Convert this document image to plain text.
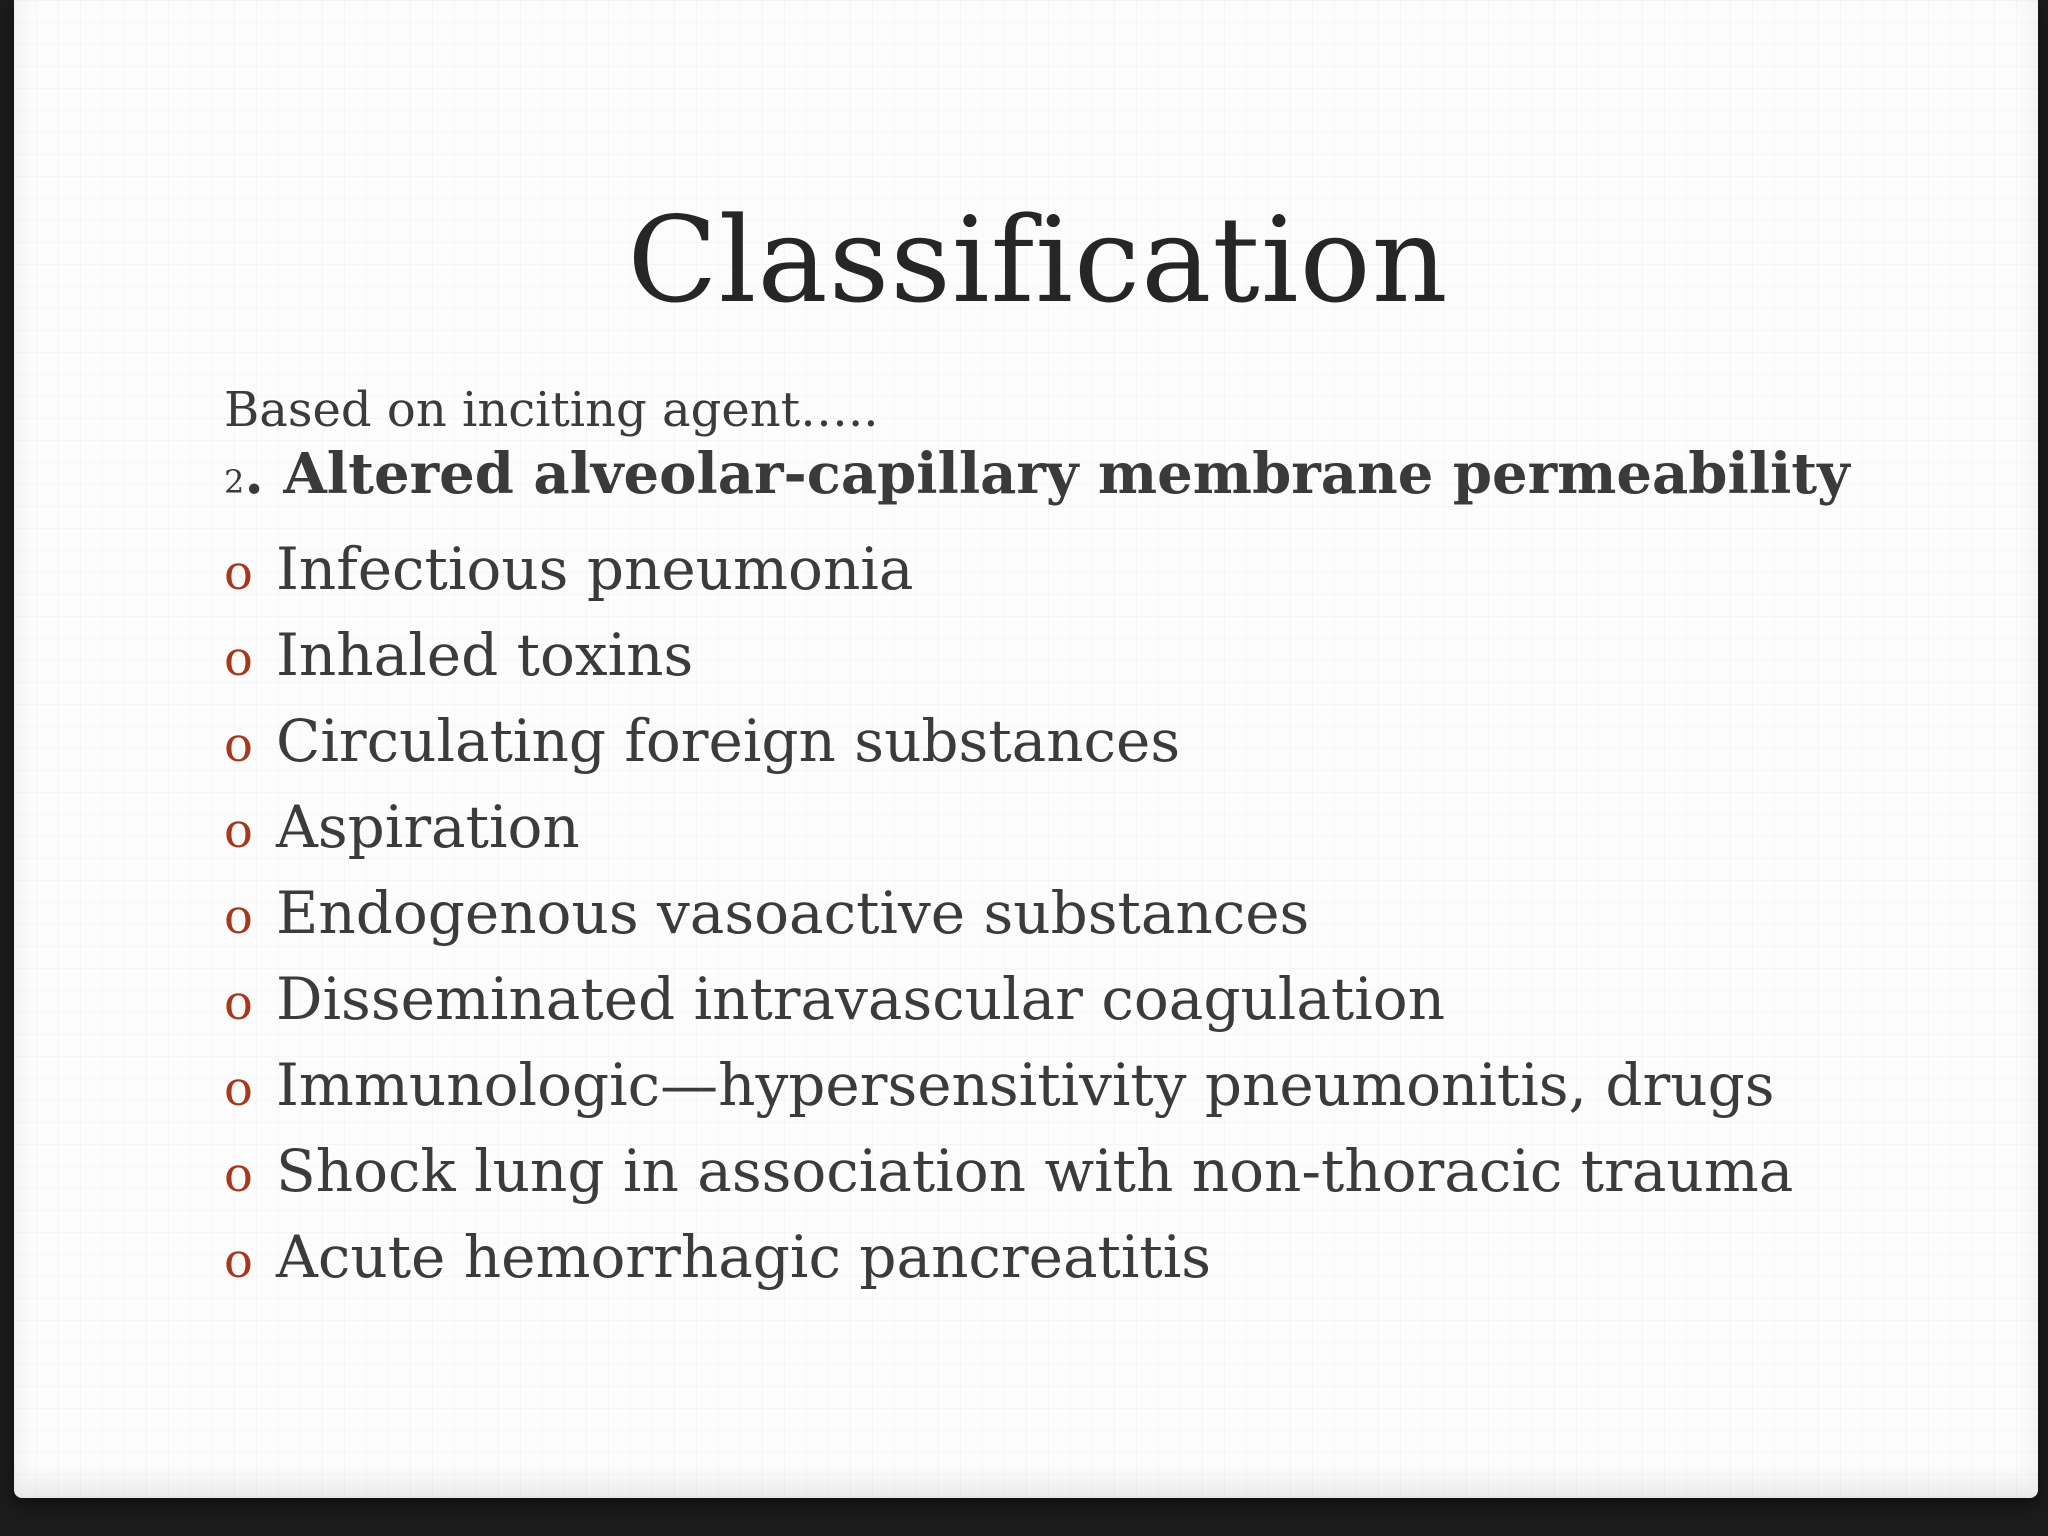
Classification
Based on inciting agent…..
2. Altered alveolar-capillary membrane permeability
o Infectious pneumonia
o Inhaled toxins
o Circulating foreign substances
o Aspiration
o Endogenous vasoactive substances
o Disseminated intravascular coagulation
o Immunologic—hypersensitivity pneumonitis, drugs
o Shock lung in association with non-thoracic trauma
o Acute hemorrhagic pancreatitis
